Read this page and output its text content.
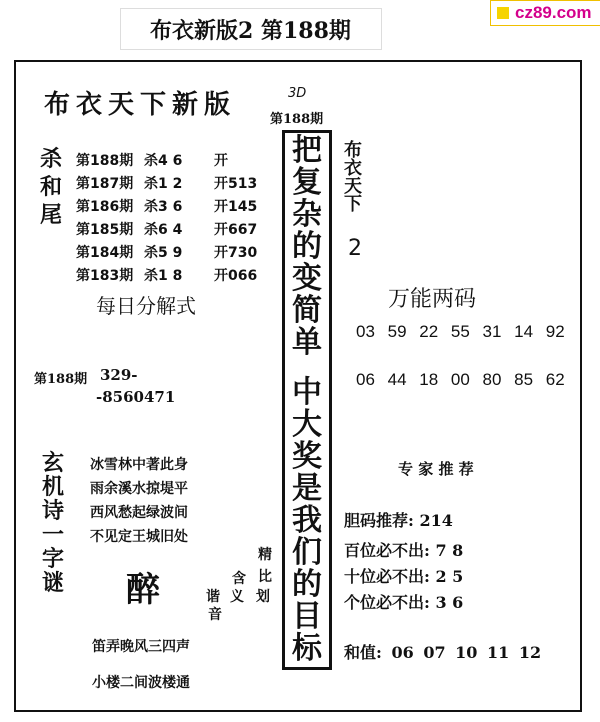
cz89.com
布衣新版2 第188期
布衣天下新版	3D
第188期
杀
和
尾
第188期 杀4 6 开
第187期 杀1 2 开513
第186期 杀3 6 开145
第185期 杀6 4 开667
第184期 杀5 9 开730
第183期 杀1 8 开066
每日分解式
第188期 329-
-8560471
玄
机
诗
一
字
谜
冰雪林中著此身
雨余溪水掠堤平
西风愁起绿波间
不见定王城旧处
醉
精
比
含
义 划
谐
音
笛弄晚风三四声
小楼二间波楼通
把
复
杂
的
变
简
单
中
大
奖
是
我
们
的
目
标
布
衣
天
下
2
万能两码
03 59 22 55 31 14 92
06 44 18 00 80 85 62
专 家 推 荐
胆码推荐: 214
百位必不出: 7 8
十位必不出: 2 5
个位必不出: 3 6
和值: 06 07 10 11 12
